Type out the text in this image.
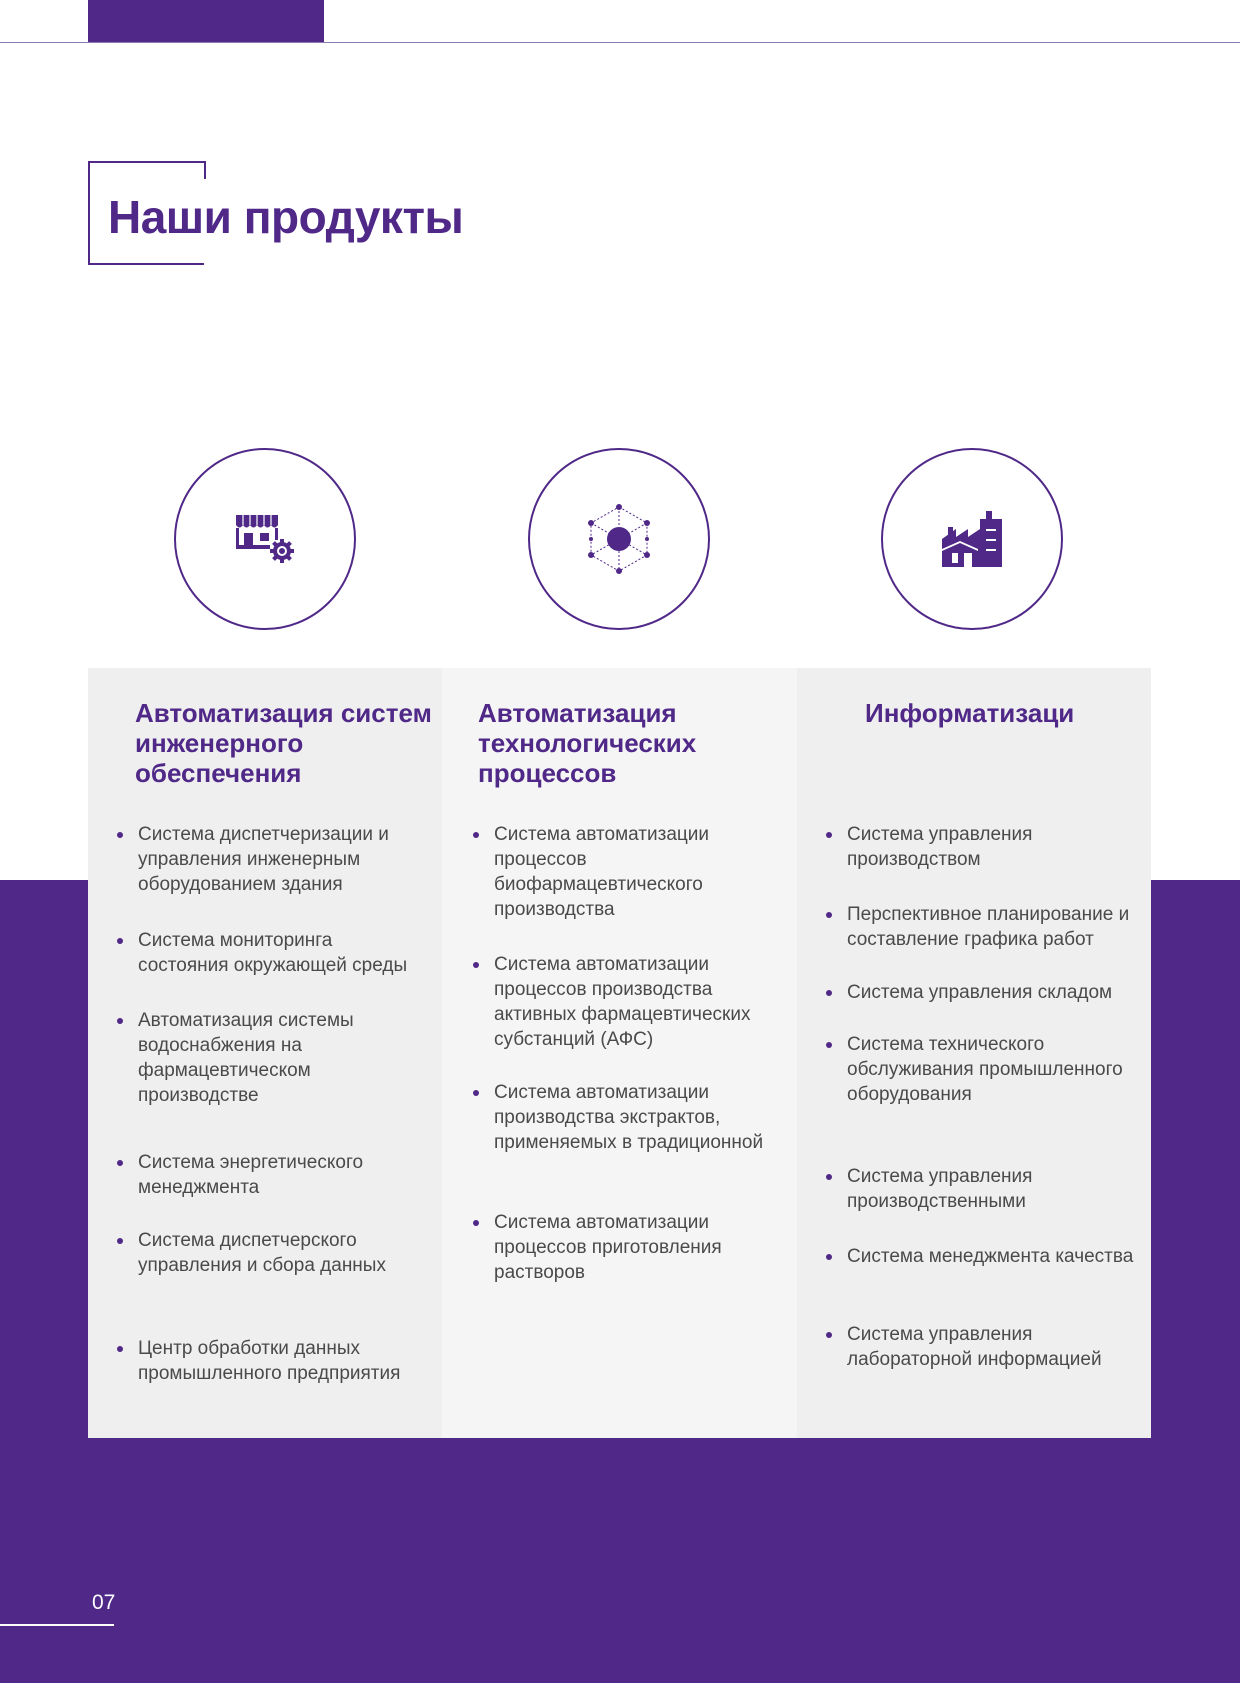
Наши продукты
Автоматизация систем инженерного обеспечения
Система диспетчеризации и управления инженерным оборудованием здания
Система мониторинга состояния окружающей среды
Автоматизация системы водоснабжения на фармацевтическом производстве
Система энергетического менеджмента
Система диспетчерского управления и сбора данных
Центр обработки данных промышленного предприятия
Автоматизация технологических процессов
Система автоматизации процессов биофармацевтического производства
Система автоматизации процессов производства активных фармацевтических субстанций (АФС)
Система автоматизации производства экстрактов, применяемых в традиционной
Система автоматизации процессов приготовления растворов
Информатизаци
Система управления производством
Перспективное планирование и составление графика работ
Система управления складом
Система технического обслуживания промышленного оборудования
Система управления производственными
Система менеджмента качества
Система управления лабораторной информацией
07
